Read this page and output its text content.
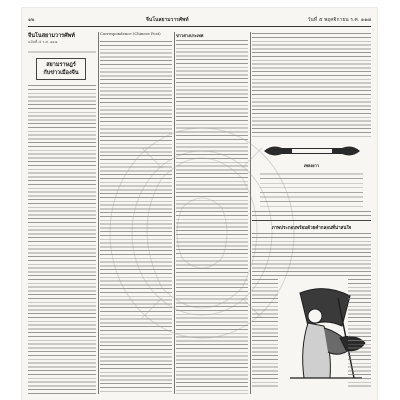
๑๒	จีนโนสยามวารศัพท์	วันที่ ๕ พฤศจิกายน ร.ศ. ๑๑๗
จีนโนสยามวารศัพท์
ฉบับที่ ๕ ร.ศ. ๑๑๗
สยามราษฎร์
กับข่าวเมืองจีน
Correspondence (Chinese Post)	ข่าวต่างประเทศ
เพลงยาว
ภาพประกอบพร้อมด้วยคำกลอนที่น่าสนใจ
